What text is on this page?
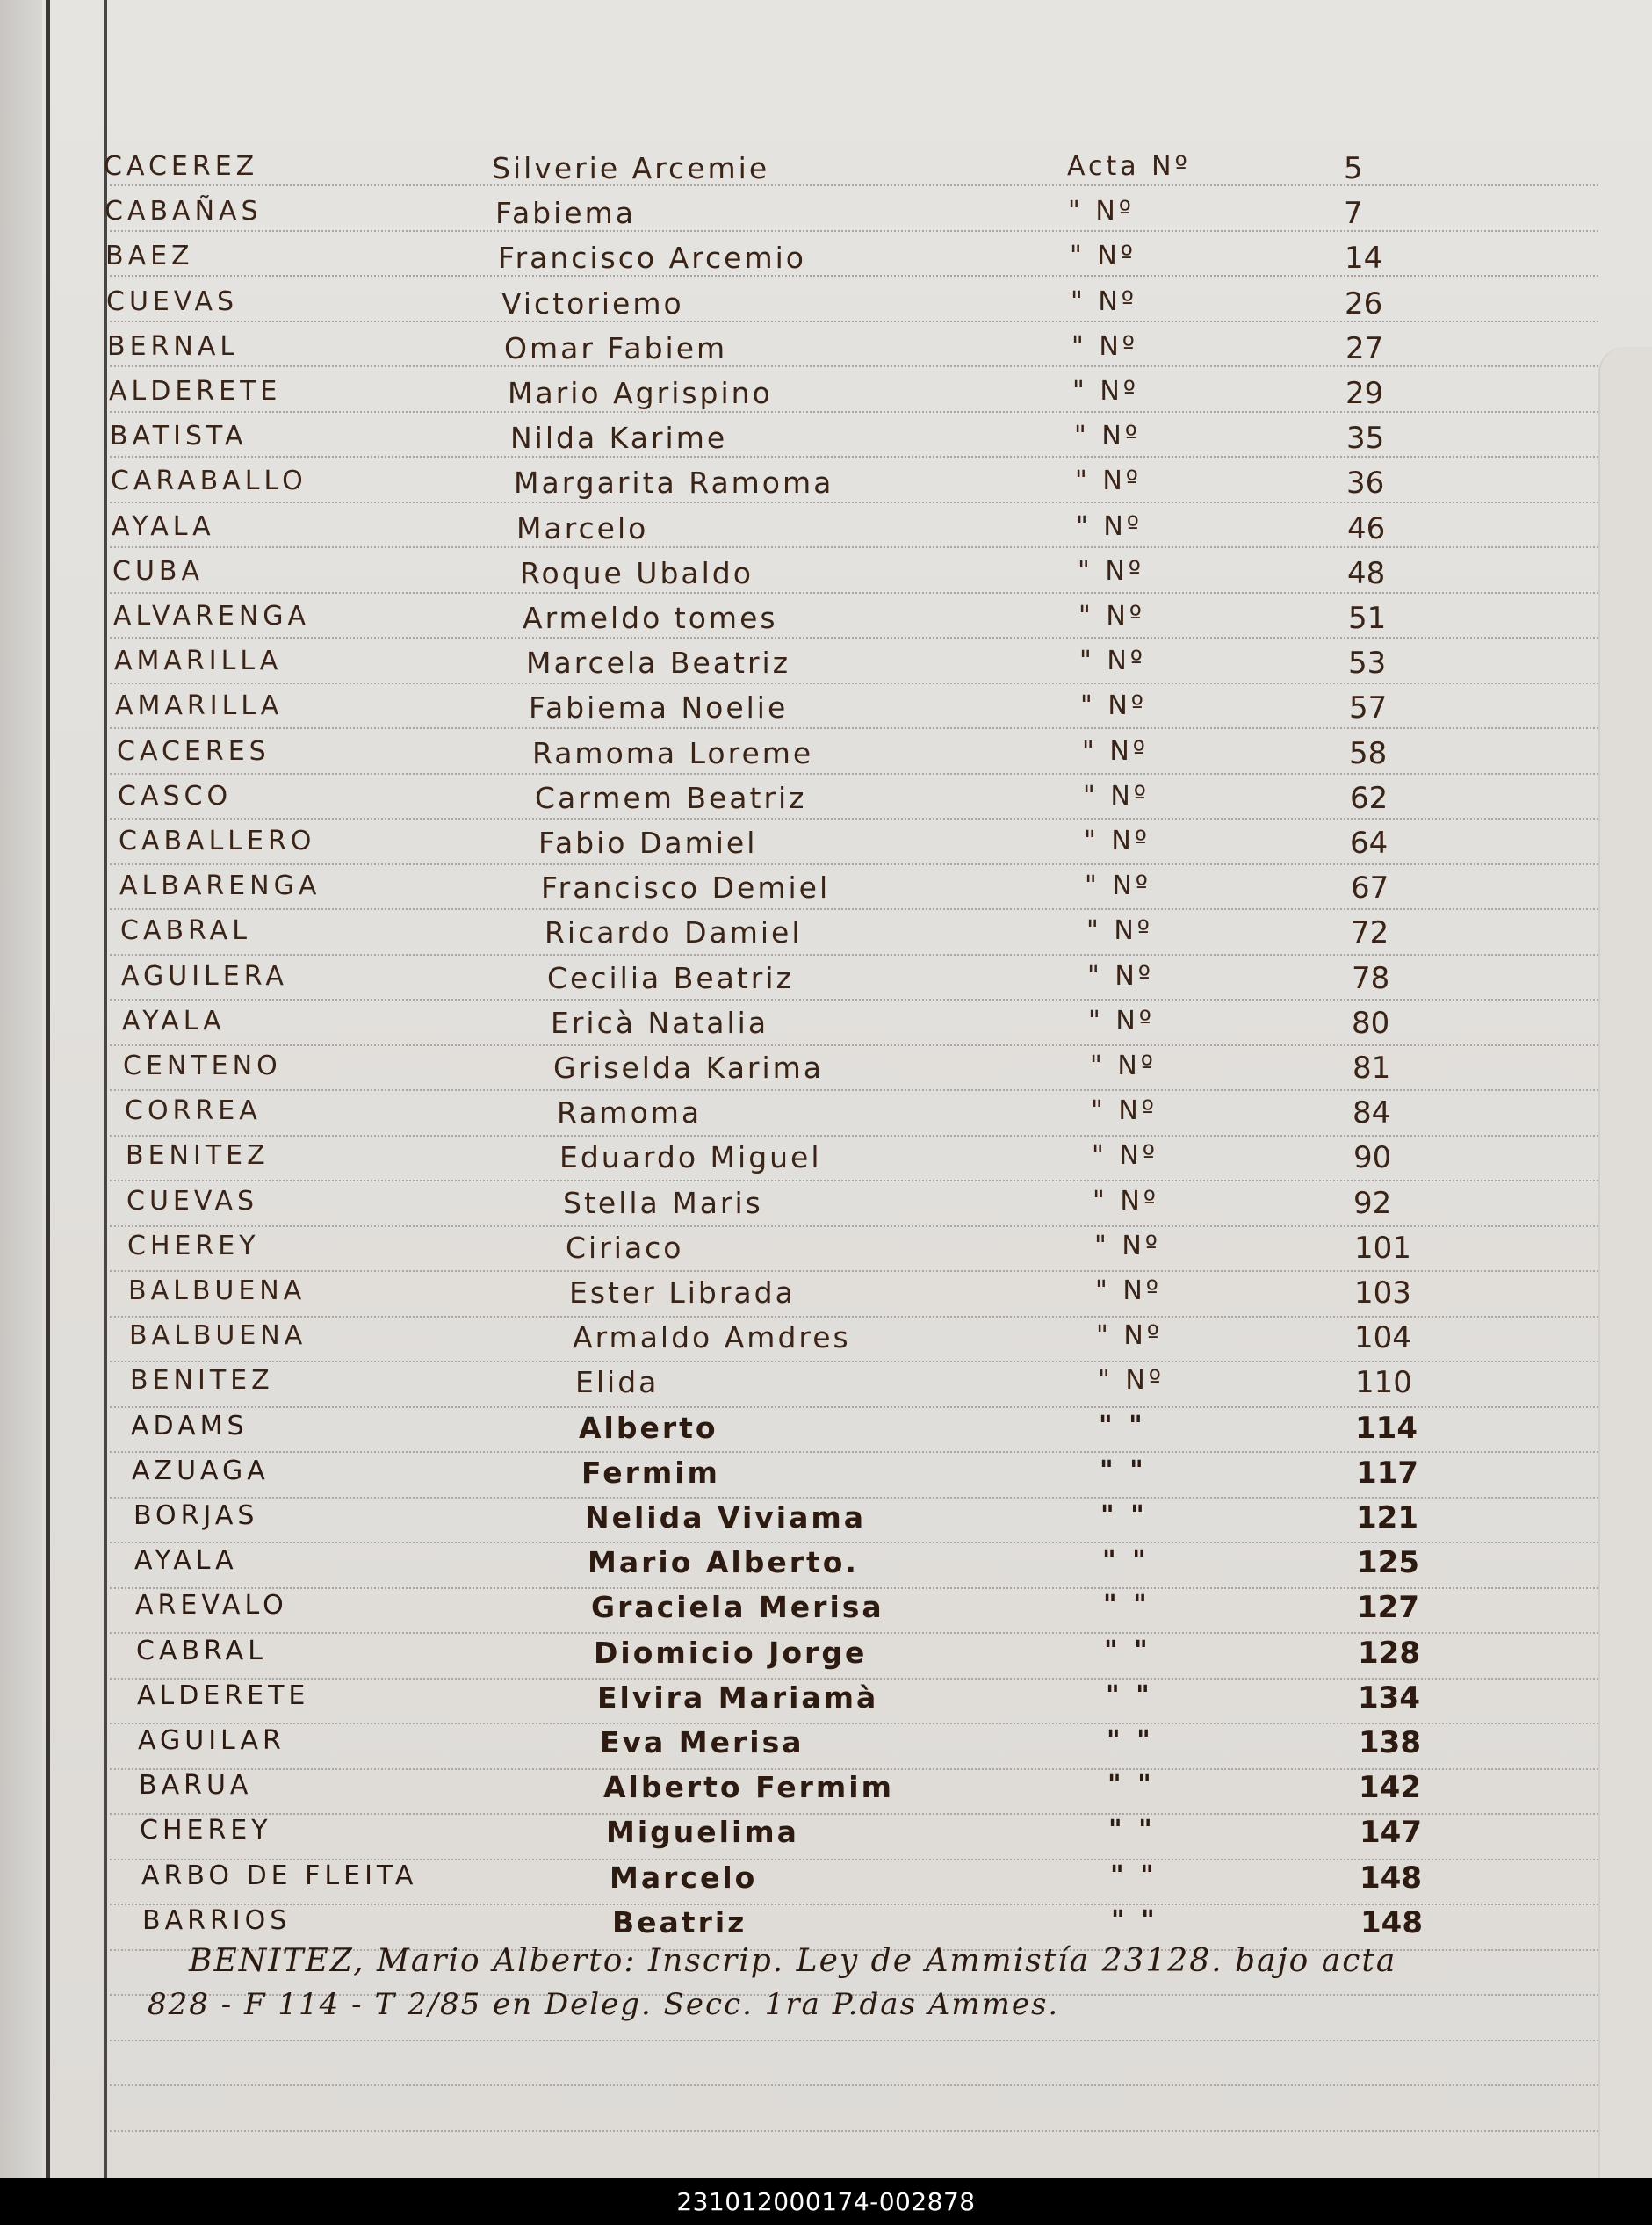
CACEREZ	Silverie Arcemie	Acta Nº	5
CABAÑAS	Fabiema	" Nº	7
BAEZ	Francisco Arcemio	" Nº	14
CUEVAS	Victoriemo	" Nº	26
BERNAL	Omar Fabiem	" Nº	27
ALDERETE	Mario Agrispino	" Nº	29
BATISTA	Nilda Karime	" Nº	35
CARABALLO	Margarita Ramoma	" Nº	36
AYALA	Marcelo	" Nº	46
CUBA	Roque Ubaldo	" Nº	48
ALVARENGA	Armeldo tomes	" Nº	51
AMARILLA	Marcela Beatriz	" Nº	53
AMARILLA	Fabiema Noelie	" Nº	57
CACERES	Ramoma Loreme	" Nº	58
CASCO	Carmem Beatriz	" Nº	62
CABALLERO	Fabio Damiel	" Nº	64
ALBARENGA	Francisco Demiel	" Nº	67
CABRAL	Ricardo Damiel	" Nº	72
AGUILERA	Cecilia Beatriz	" Nº	78
AYALA	Ericà Natalia	" Nº	80
CENTENO	Griselda Karima	" Nº	81
CORREA	Ramoma	" Nº	84
BENITEZ	Eduardo Miguel	" Nº	90
CUEVAS	Stella Maris	" Nº	92
CHEREY	Ciriaco	" Nº	101
BALBUENA	Ester Librada	" Nº	103
BALBUENA	Armaldo Amdres	" Nº	104
BENITEZ	Elida	" Nº	110
ADAMS	Alberto	" "	114
AZUAGA	Fermim	" "	117
BORJAS	Nelida Viviama	" "	121
AYALA	Mario Alberto.	" "	125
AREVALO	Graciela Merisa	" "	127
CABRAL	Diomicio Jorge	" "	128
ALDERETE	Elvira Mariamà	" "	134
AGUILAR	Eva Merisa	" "	138
BARUA	Alberto Fermim	" "	142
CHEREY	Miguelima	" "	147
ARBO DE FLEITA	Marcelo	" "	148
BARRIOS	Beatriz	" "	148
BENITEZ, Mario Alberto: Inscrip. Ley de Ammistía 23128. bajo acta
828 - F 114 - T 2/85 en Deleg. Secc. 1ra P.das Ammes.
231012000174-002878
